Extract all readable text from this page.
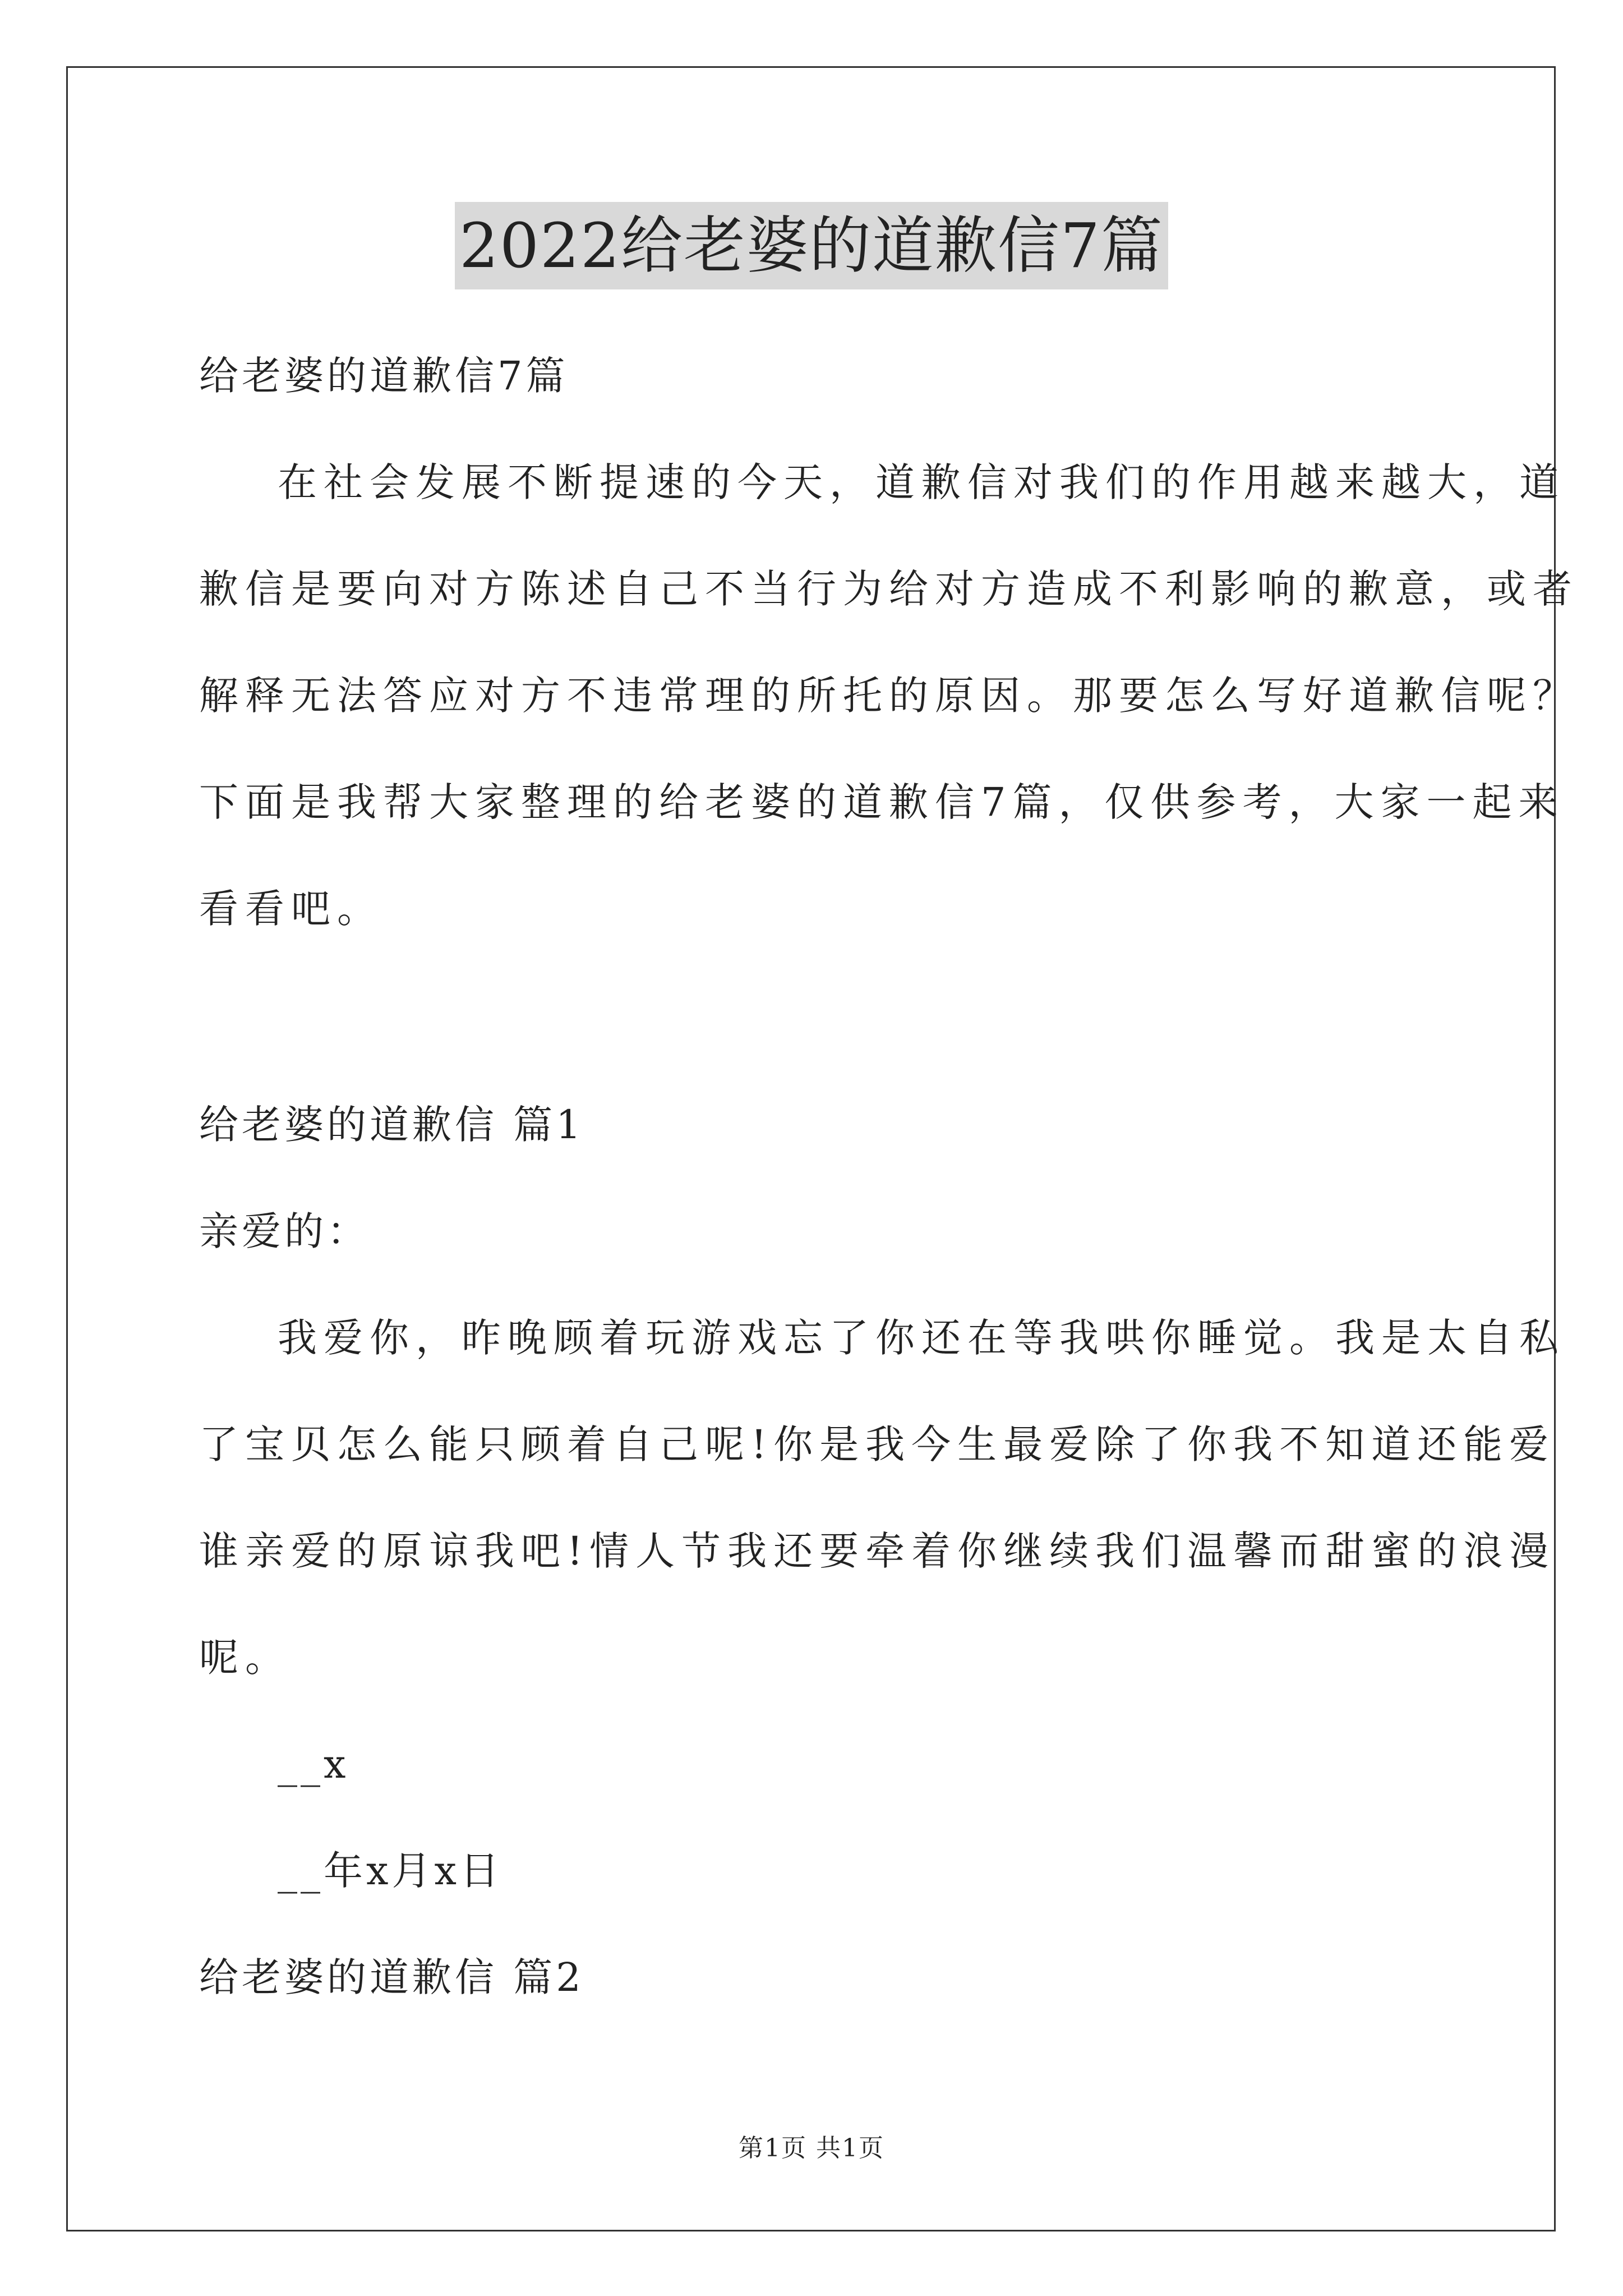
2022给老婆的道歉信7篇
给老婆的道歉信7篇
在社会发展不断提速的今天，道歉信对我们的作用越来越大，道
歉信是要向对方陈述自己不当行为给对方造成不利影响的歉意，或者
解释无法答应对方不违常理的所托的原因。那要怎么写好道歉信呢？
下面是我帮大家整理的给老婆的道歉信7篇，仅供参考，大家一起来
看看吧。
给老婆的道歉信 篇1
亲爱的：
我爱你，昨晚顾着玩游戏忘了你还在等我哄你睡觉。我是太自私
了宝贝怎么能只顾着自己呢!你是我今生最爱除了你我不知道还能爱
谁亲爱的原谅我吧!情人节我还要牵着你继续我们温馨而甜蜜的浪漫
呢。
__x
__年x月x日
给老婆的道歉信 篇2
第1页 共1页
